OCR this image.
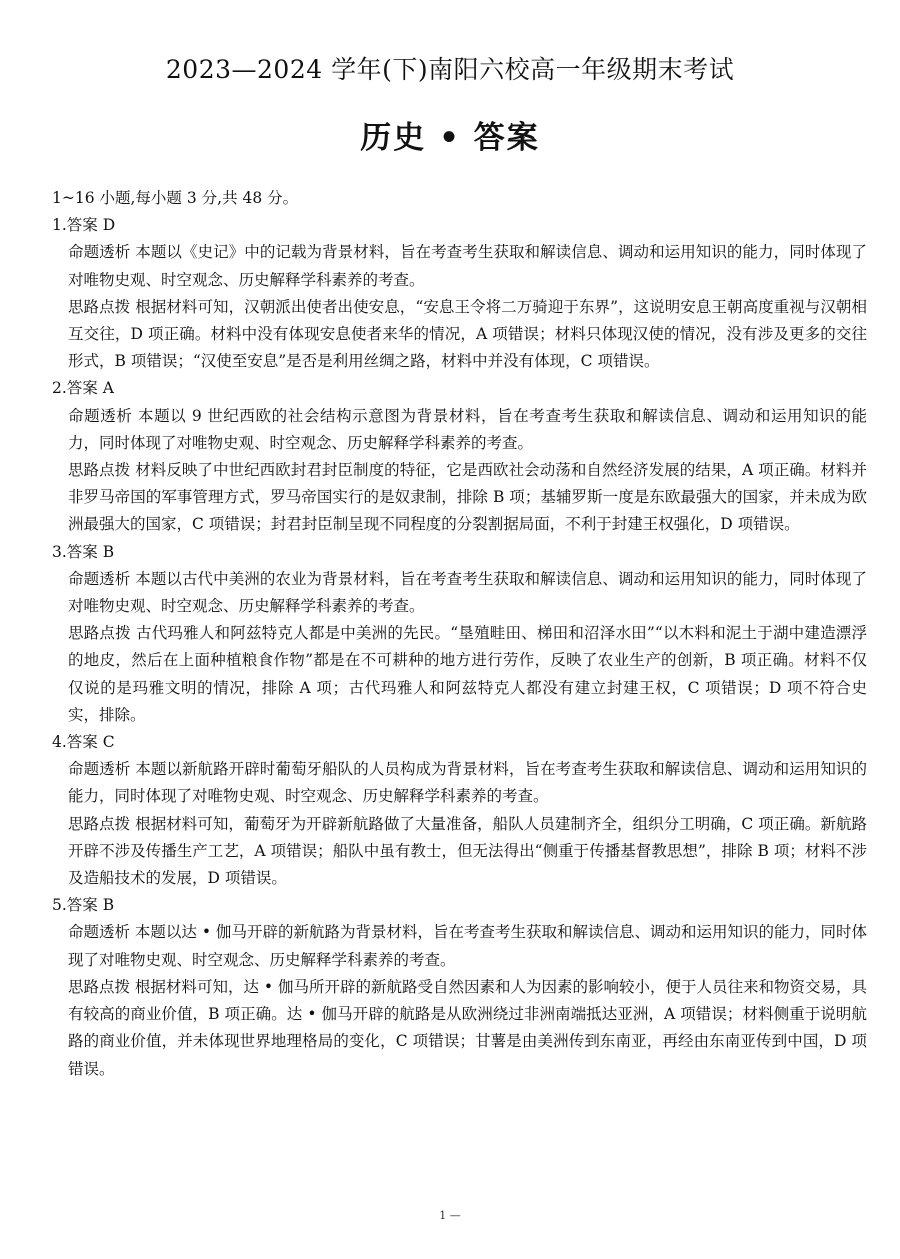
2023—2024 学年(下)南阳六校高一年级期末考试
历史 • 答案
1~16 小题,每小题 3 分,共 48 分。
1.答案 D

命题透析 本题以《史记》中的记载为背景材料，旨在考查考生获取和解读信息、调动和运用知识的能力，同时体现了对唯物史观、时空观念、历史解释学科素养的考查。

思路点拨 根据材料可知，汉朝派出使者出使安息，“安息王令将二万骑迎于东界”，这说明安息王朝高度重视与汉朝相互交往，D 项正确。材料中没有体现安息使者来华的情况，A 项错误；材料只体现汉使的情况，没有涉及更多的交往形式，B 项错误；“汉使至安息”是否是利用丝绸之路，材料中并没有体现，C 项错误。

2.答案 A

命题透析 本题以 9 世纪西欧的社会结构示意图为背景材料，旨在考查考生获取和解读信息、调动和运用知识的能力，同时体现了对唯物史观、时空观念、历史解释学科素养的考查。

思路点拨 材料反映了中世纪西欧封君封臣制度的特征，它是西欧社会动荡和自然经济发展的结果，A 项正确。材料并非罗马帝国的军事管理方式，罗马帝国实行的是奴隶制，排除 B 项；基辅罗斯一度是东欧最强大的国家，并未成为欧洲最强大的国家，C 项错误；封君封臣制呈现不同程度的分裂割据局面，不利于封建王权强化，D 项错误。

3.答案 B

命题透析 本题以古代中美洲的农业为背景材料，旨在考查考生获取和解读信息、调动和运用知识的能力，同时体现了对唯物史观、时空观念、历史解释学科素养的考查。

思路点拨 古代玛雅人和阿兹特克人都是中美洲的先民。“垦殖畦田、梯田和沼泽水田”“以木料和泥土于湖中建造漂浮的地皮，然后在上面种植粮食作物”都是在不可耕种的地方进行劳作，反映了农业生产的创新，B 项正确。材料不仅仅说的是玛雅文明的情况，排除 A 项；古代玛雅人和阿兹特克人都没有建立封建王权，C 项错误；D 项不符合史实，排除。

4.答案 C

命题透析 本题以新航路开辟时葡萄牙船队的人员构成为背景材料，旨在考查考生获取和解读信息、调动和运用知识的能力，同时体现了对唯物史观、时空观念、历史解释学科素养的考查。

思路点拨 根据材料可知，葡萄牙为开辟新航路做了大量准备，船队人员建制齐全，组织分工明确，C 项正确。新航路开辟不涉及传播生产工艺，A 项错误；船队中虽有教士，但无法得出“侧重于传播基督教思想”，排除 B 项；材料不涉及造船技术的发展，D 项错误。

5.答案 B

命题透析 本题以达 • 伽马开辟的新航路为背景材料，旨在考查考生获取和解读信息、调动和运用知识的能力，同时体现了对唯物史观、时空观念、历史解释学科素养的考查。

思路点拨 根据材料可知，达 • 伽马所开辟的新航路受自然因素和人为因素的影响较小，便于人员往来和物资交易，具有较高的商业价值，B 项正确。达 • 伽马开辟的航路是从欧洲绕过非洲南端抵达亚洲，A 项错误；材料侧重于说明航路的商业价值，并未体现世界地理格局的变化，C 项错误；甘薯是由美洲传到东南亚，再经由东南亚传到中国，D 项错误。

1 —
